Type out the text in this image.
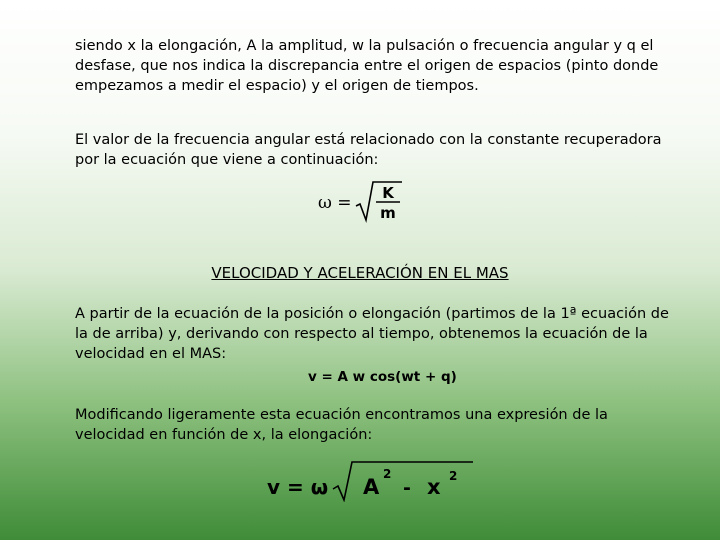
siendo x la elongación, A la amplitud, w la pulsación o frecuencia angular y q el desfase, que nos indica la discrepancia entre el origen de espacios (pinto donde empezamos a medir el espacio) y el origen de tiempos.
El valor de la frecuencia angular está relacionado con la constante recuperadora por la ecuación que viene a continuación:
ω = K
m
VELOCIDAD Y ACELERACIÓN EN EL MAS
A partir de la ecuación de la posición o elongación (partimos de la 1ª ecuación de la de arriba) y, derivando con respecto al tiempo, obtenemos la ecuación de la velocidad en el MAS:
v = A w cos(wt + q)
Modificando ligeramente esta ecuación encontramos una expresión de la velocidad en función de x, la elongación:
v = ω A
2
- x 2
